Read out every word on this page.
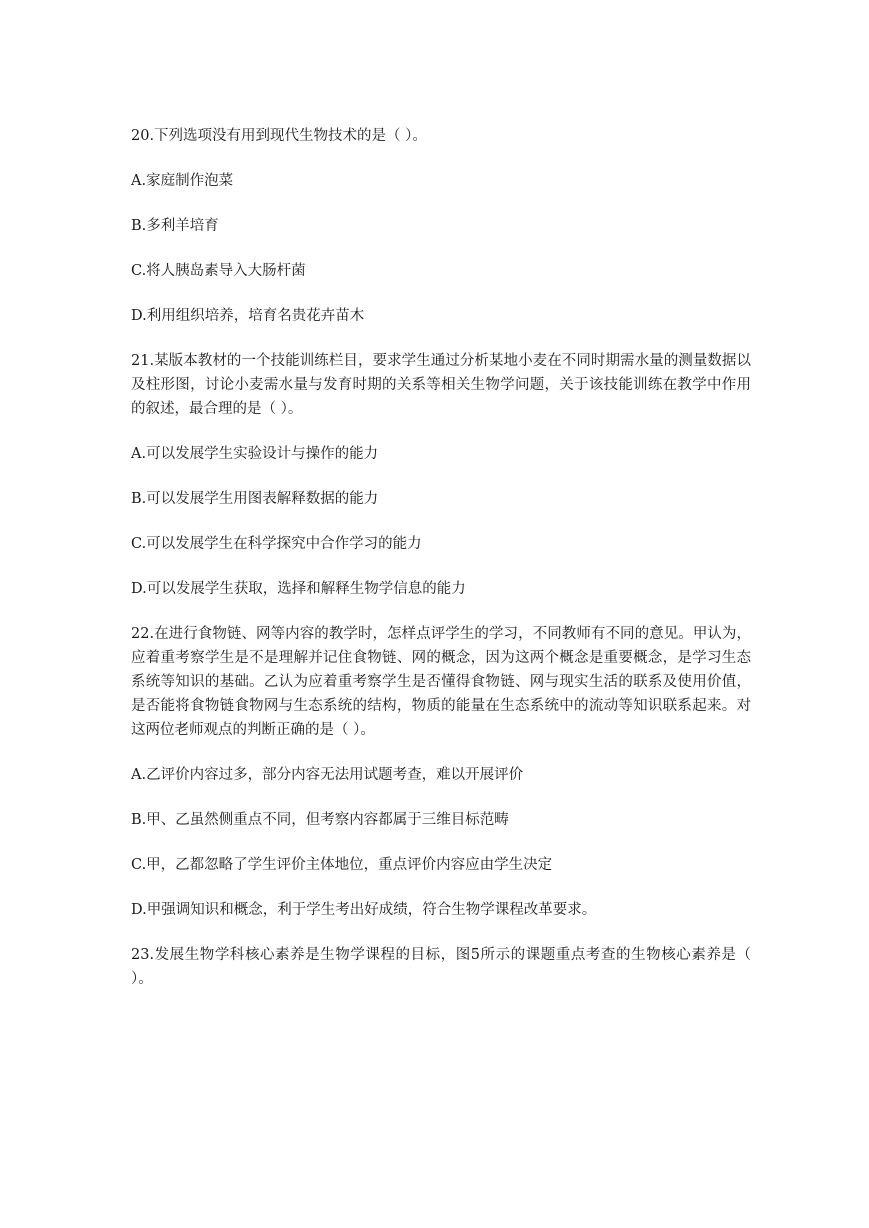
20.下列选项没有用到现代生物技术的是（ ）。

A.家庭制作泡菜

B.多利羊培育

C.将人胰岛素导入大肠杆菌

D.利用组织培养，培育名贵花卉苗木

21.某版本教材的一个技能训练栏目，要求学生通过分析某地小麦在不同时期需水量的测量数据以及柱形图，讨论小麦需水量与发育时期的关系等相关生物学问题，关于该技能训练在教学中作用的叙述，最合理的是（ ）。

A.可以发展学生实验设计与操作的能力

B.可以发展学生用图表解释数据的能力

C.可以发展学生在科学探究中合作学习的能力

D.可以发展学生获取，选择和解释生物学信息的能力

22.在进行食物链、网等内容的教学时，怎样点评学生的学习，不同教师有不同的意见。甲认为，应着重考察学生是不是理解并记住食物链、网的概念，因为这两个概念是重要概念，是学习生态系统等知识的基础。乙认为应着重考察学生是否懂得食物链、网与现实生活的联系及使用价值，是否能将食物链食物网与生态系统的结构，物质的能量在生态系统中的流动等知识联系起来。对这两位老师观点的判断正确的是（ ）。

A.乙评价内容过多，部分内容无法用试题考查，难以开展评价

B.甲、乙虽然侧重点不同，但考察内容都属于三维目标范畴

C.甲，乙都忽略了学生评价主体地位，重点评价内容应由学生决定

D.甲强调知识和概念，利于学生考出好成绩，符合生物学课程改革要求。

23.发展生物学科核心素养是生物学课程的目标，图5所示的课题重点考查的生物核心素养是（ ）。
